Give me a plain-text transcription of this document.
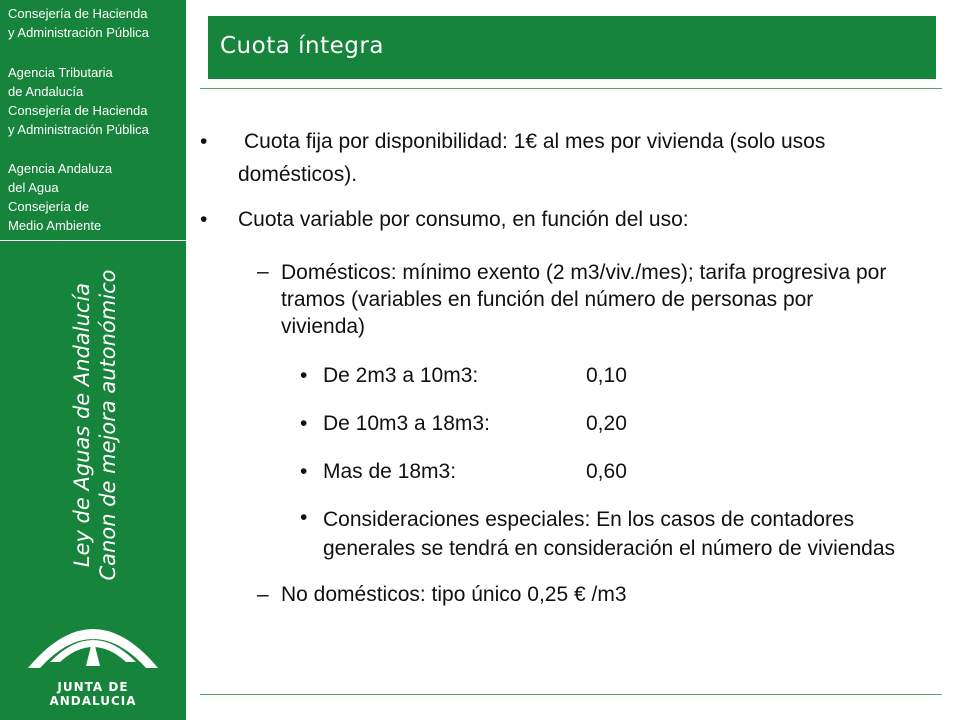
Consejería de Hacienda
y Administración Pública
Agencia Tributaria
de Andalucía
Consejería de Hacienda
y Administración Pública
Agencia Andaluza
del Agua
Consejería de
Medio Ambiente
Ley de Aguas de Andalucía Canon de mejora autonómico
JUNTA DE ANDALUCIA
Cuota íntegra
• Cuota fija por disponibilidad: 1€ al mes por vivienda (solo usos
domésticos).
• Cuota variable por consumo, en función del uso:
– Domésticos: mínimo exento (2 m3/viv./mes); tarifa progresiva por
tramos (variables en función del número de personas por
vivienda)
• De 2m3 a 10m3:	0,10
• De 10m3 a 18m3:	0,20
• Mas de 18m3:	0,60
• Consideraciones especiales: En los casos de contadores
generales se tendrá en consideración el número de viviendas
– No domésticos: tipo único 0,25 € /m3
